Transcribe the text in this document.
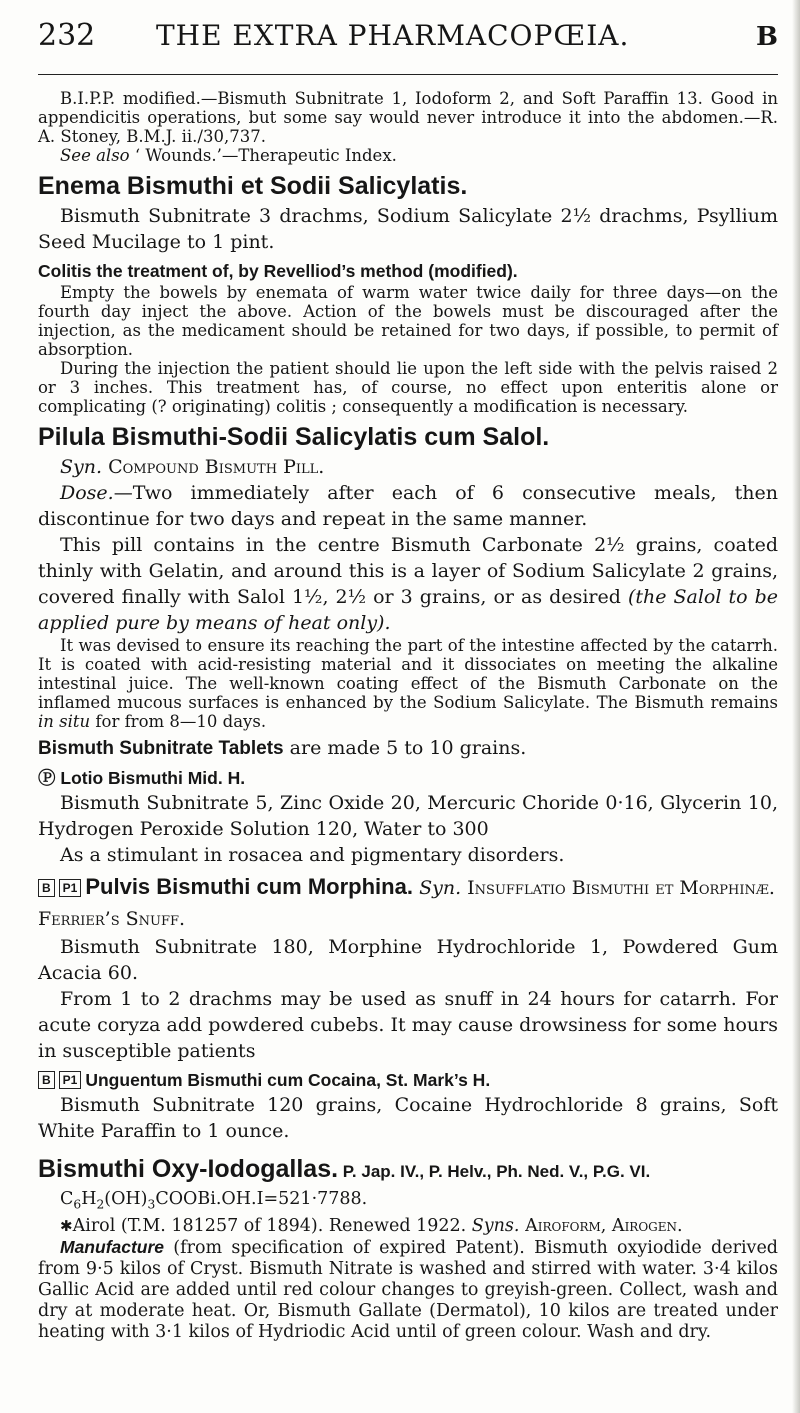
232	THE EXTRA PHARMACOPŒIA.	B

B.I.P.P. modified.—Bismuth Subnitrate 1, Iodoform 2, and Soft Paraffin 13. Good in appendicitis operations, but some say would never introduce it into the abdomen.—R. A. Stoney, B.M.J. ii./30,737.

See also ‘ Wounds.’—Therapeutic Index.

Enema Bismuthi et Sodii Salicylatis.

Bismuth Subnitrate 3 drachms, Sodium Salicylate 2½ drachms, Psyllium Seed Mucilage to 1 pint.

Colitis the treatment of, by Revelliod’s method (modified).

Empty the bowels by enemata of warm water twice daily for three days—on the fourth day inject the above. Action of the bowels must be discouraged after the injection, as the medicament should be retained for two days, if possible, to permit of absorption.

During the injection the patient should lie upon the left side with the pelvis raised 2 or 3 inches. This treatment has, of course, no effect upon enteritis alone or complicating (? originating) colitis ; consequently a modification is necessary.

Pilula Bismuthi-Sodii Salicylatis cum Salol.

Syn. Compound Bismuth Pill.

Dose.—Two immediately after each of 6 consecutive meals, then discontinue for two days and repeat in the same manner.

This pill contains in the centre Bismuth Carbonate 2½ grains, coated thinly with Gelatin, and around this is a layer of Sodium Salicylate 2 grains, covered finally with Salol 1½, 2½ or 3 grains, or as desired (the Salol to be applied pure by means of heat only).

It was devised to ensure its reaching the part of the intestine affected by the catarrh. It is coated with acid-resisting material and it dissociates on meeting the alkaline intestinal juice. The well-known coating effect of the Bismuth Carbonate on the inflamed mucous surfaces is enhanced by the Sodium Salicylate. The Bismuth remains in situ for from 8—10 days.

Bismuth Subnitrate Tablets are made 5 to 10 grains.

Ⓟ Lotio Bismuthi Mid. H.

Bismuth Subnitrate 5, Zinc Oxide 20, Mercuric Choride 0·16, Glycerin 10, Hydrogen Peroxide Solution 120, Water to 300

As a stimulant in rosacea and pigmentary disorders.

B P1 Pulvis Bismuthi cum Morphina. Syn. Insufflatio Bismuthi et Morphinæ. Ferrier’s Snuff.

Bismuth Subnitrate 180, Morphine Hydrochloride 1, Powdered Gum Acacia 60.

From 1 to 2 drachms may be used as snuff in 24 hours for catarrh. For acute coryza add powdered cubebs. It may cause drowsiness for some hours in susceptible patients

B P1 Unguentum Bismuthi cum Cocaina, St. Mark’s H.

Bismuth Subnitrate 120 grains, Cocaine Hydrochloride 8 grains, Soft White Paraffin to 1 ounce.

Bismuthi Oxy-Iodogallas. P. Jap. IV., P. Helv., Ph. Ned. V., P.G. VI.

$C_6H_2(OH)_3COOBi.OH.I=521\cdot 7788$.

✱Airol (T.M. 181257 of 1894). Renewed 1922. Syns. Airoform, Airogen.

Manufacture (from specification of expired Patent). Bismuth oxyiodide derived from 9·5 kilos of Cryst. Bismuth Nitrate is washed and stirred with water. 3·4 kilos Gallic Acid are added until red colour changes to greyish-green. Collect, wash and dry at moderate heat. Or, Bismuth Gallate (Dermatol), 10 kilos are treated under heating with 3·1 kilos of Hydriodic Acid until of green colour. Wash and dry.
